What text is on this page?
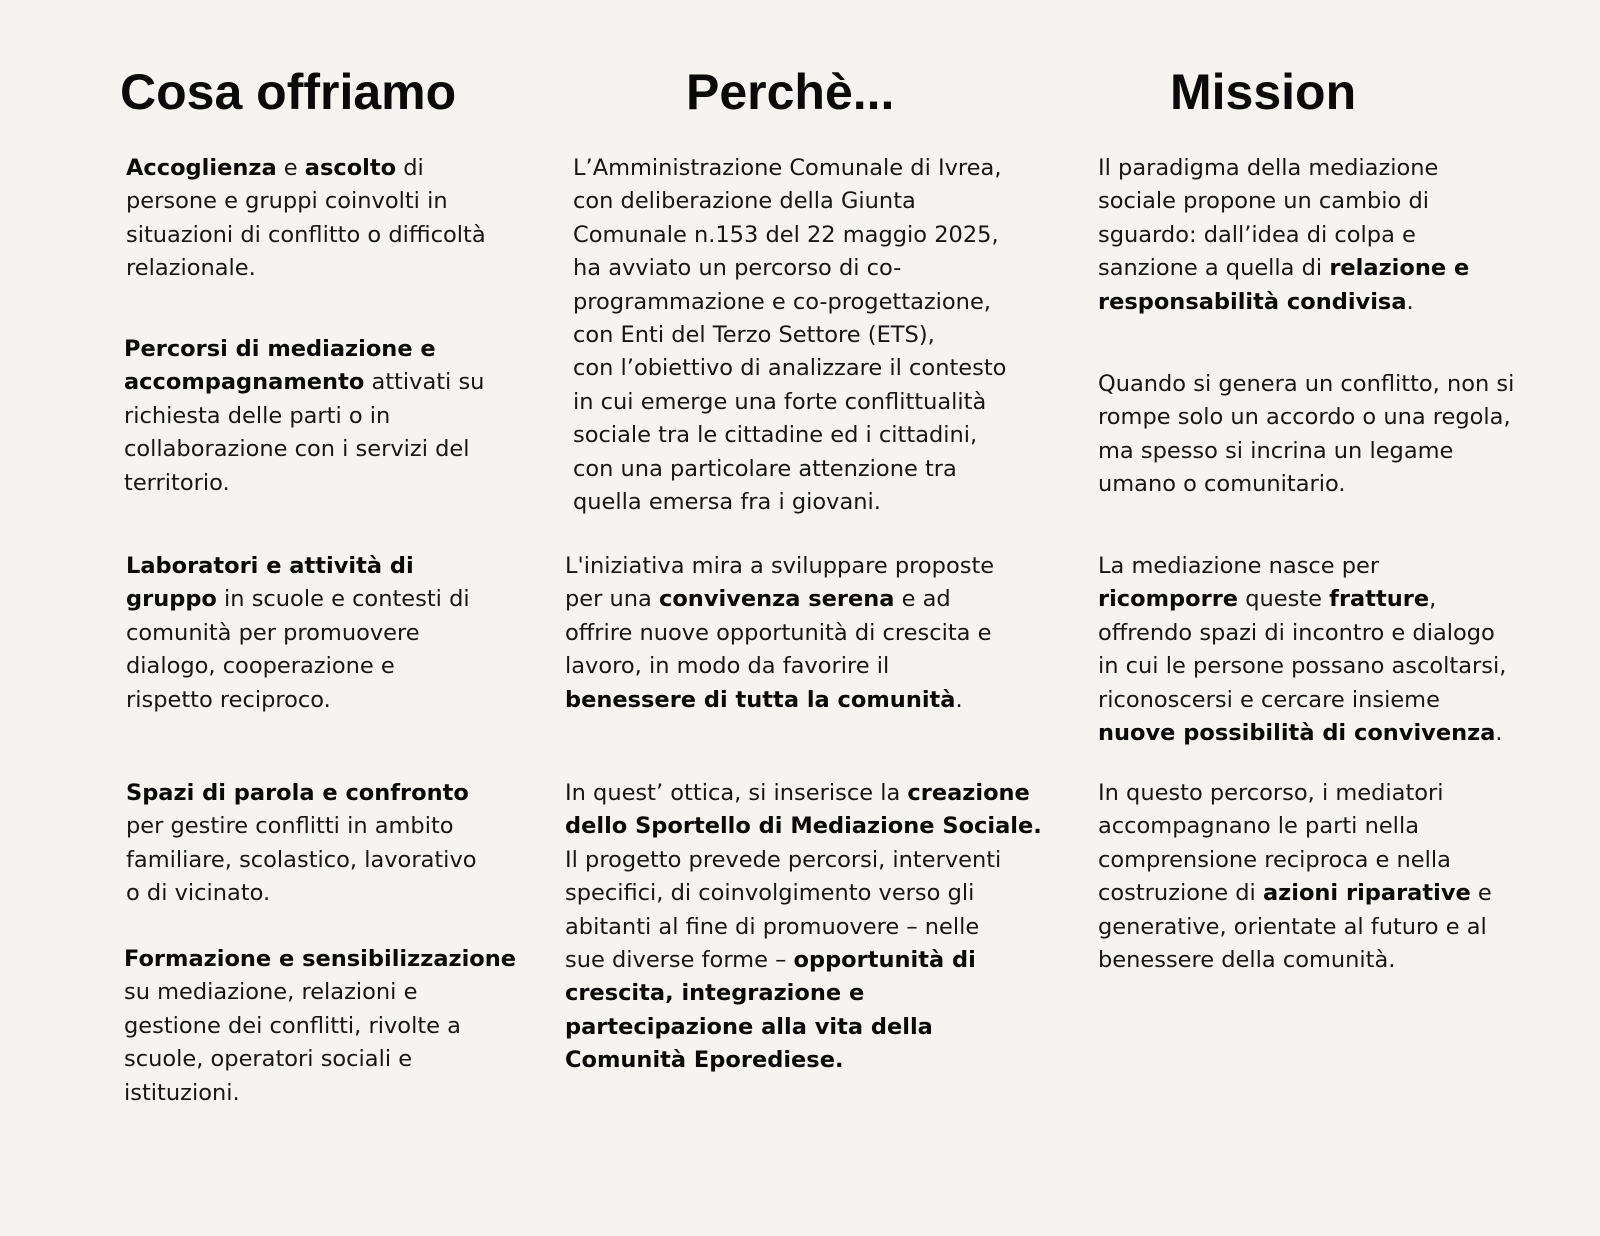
Cosa offriamo	Perchè...	Mission
Accoglienza e ascolto di
persone e gruppi coinvolti in
situazioni di conflitto o difficoltà
relazionale.
Percorsi di mediazione e
accompagnamento attivati su
richiesta delle parti o in
collaborazione con i servizi del
territorio.
Laboratori e attività di
gruppo in scuole e contesti di
comunità per promuovere
dialogo, cooperazione e
rispetto reciproco.
Spazi di parola e confronto
per gestire conflitti in ambito
familiare, scolastico, lavorativo
o di vicinato.
Formazione e sensibilizzazione
su mediazione, relazioni e
gestione dei conflitti, rivolte a
scuole, operatori sociali e
istituzioni.
L’Amministrazione Comunale di Ivrea,
con deliberazione della Giunta
Comunale n.153 del 22 maggio 2025,
ha avviato un percorso di co-
programmazione e co-progettazione,
con Enti del Terzo Settore (ETS),
con l’obiettivo di analizzare il contesto
in cui emerge una forte conflittualità
sociale tra le cittadine ed i cittadini,
con una particolare attenzione tra
quella emersa fra i giovani.
L'iniziativa mira a sviluppare proposte
per una convivenza serena e ad
offrire nuove opportunità di crescita e
lavoro, in modo da favorire il
benessere di tutta la comunità.
In quest’ ottica, si inserisce la creazione
dello Sportello di Mediazione Sociale.
Il progetto prevede percorsi, interventi
specifici, di coinvolgimento verso gli
abitanti al fine di promuovere – nelle
sue diverse forme – opportunità di
crescita, integrazione e
partecipazione alla vita della
Comunità Eporediese.
Il paradigma della mediazione
sociale propone un cambio di
sguardo: dall’idea di colpa e
sanzione a quella di relazione e
responsabilità condivisa.
Quando si genera un conflitto, non si
rompe solo un accordo o una regola,
ma spesso si incrina un legame
umano o comunitario.
La mediazione nasce per
ricomporre queste fratture,
offrendo spazi di incontro e dialogo
in cui le persone possano ascoltarsi,
riconoscersi e cercare insieme
nuove possibilità di convivenza.
In questo percorso, i mediatori
accompagnano le parti nella
comprensione reciproca e nella
costruzione di azioni riparative e
generative, orientate al futuro e al
benessere della comunità.
